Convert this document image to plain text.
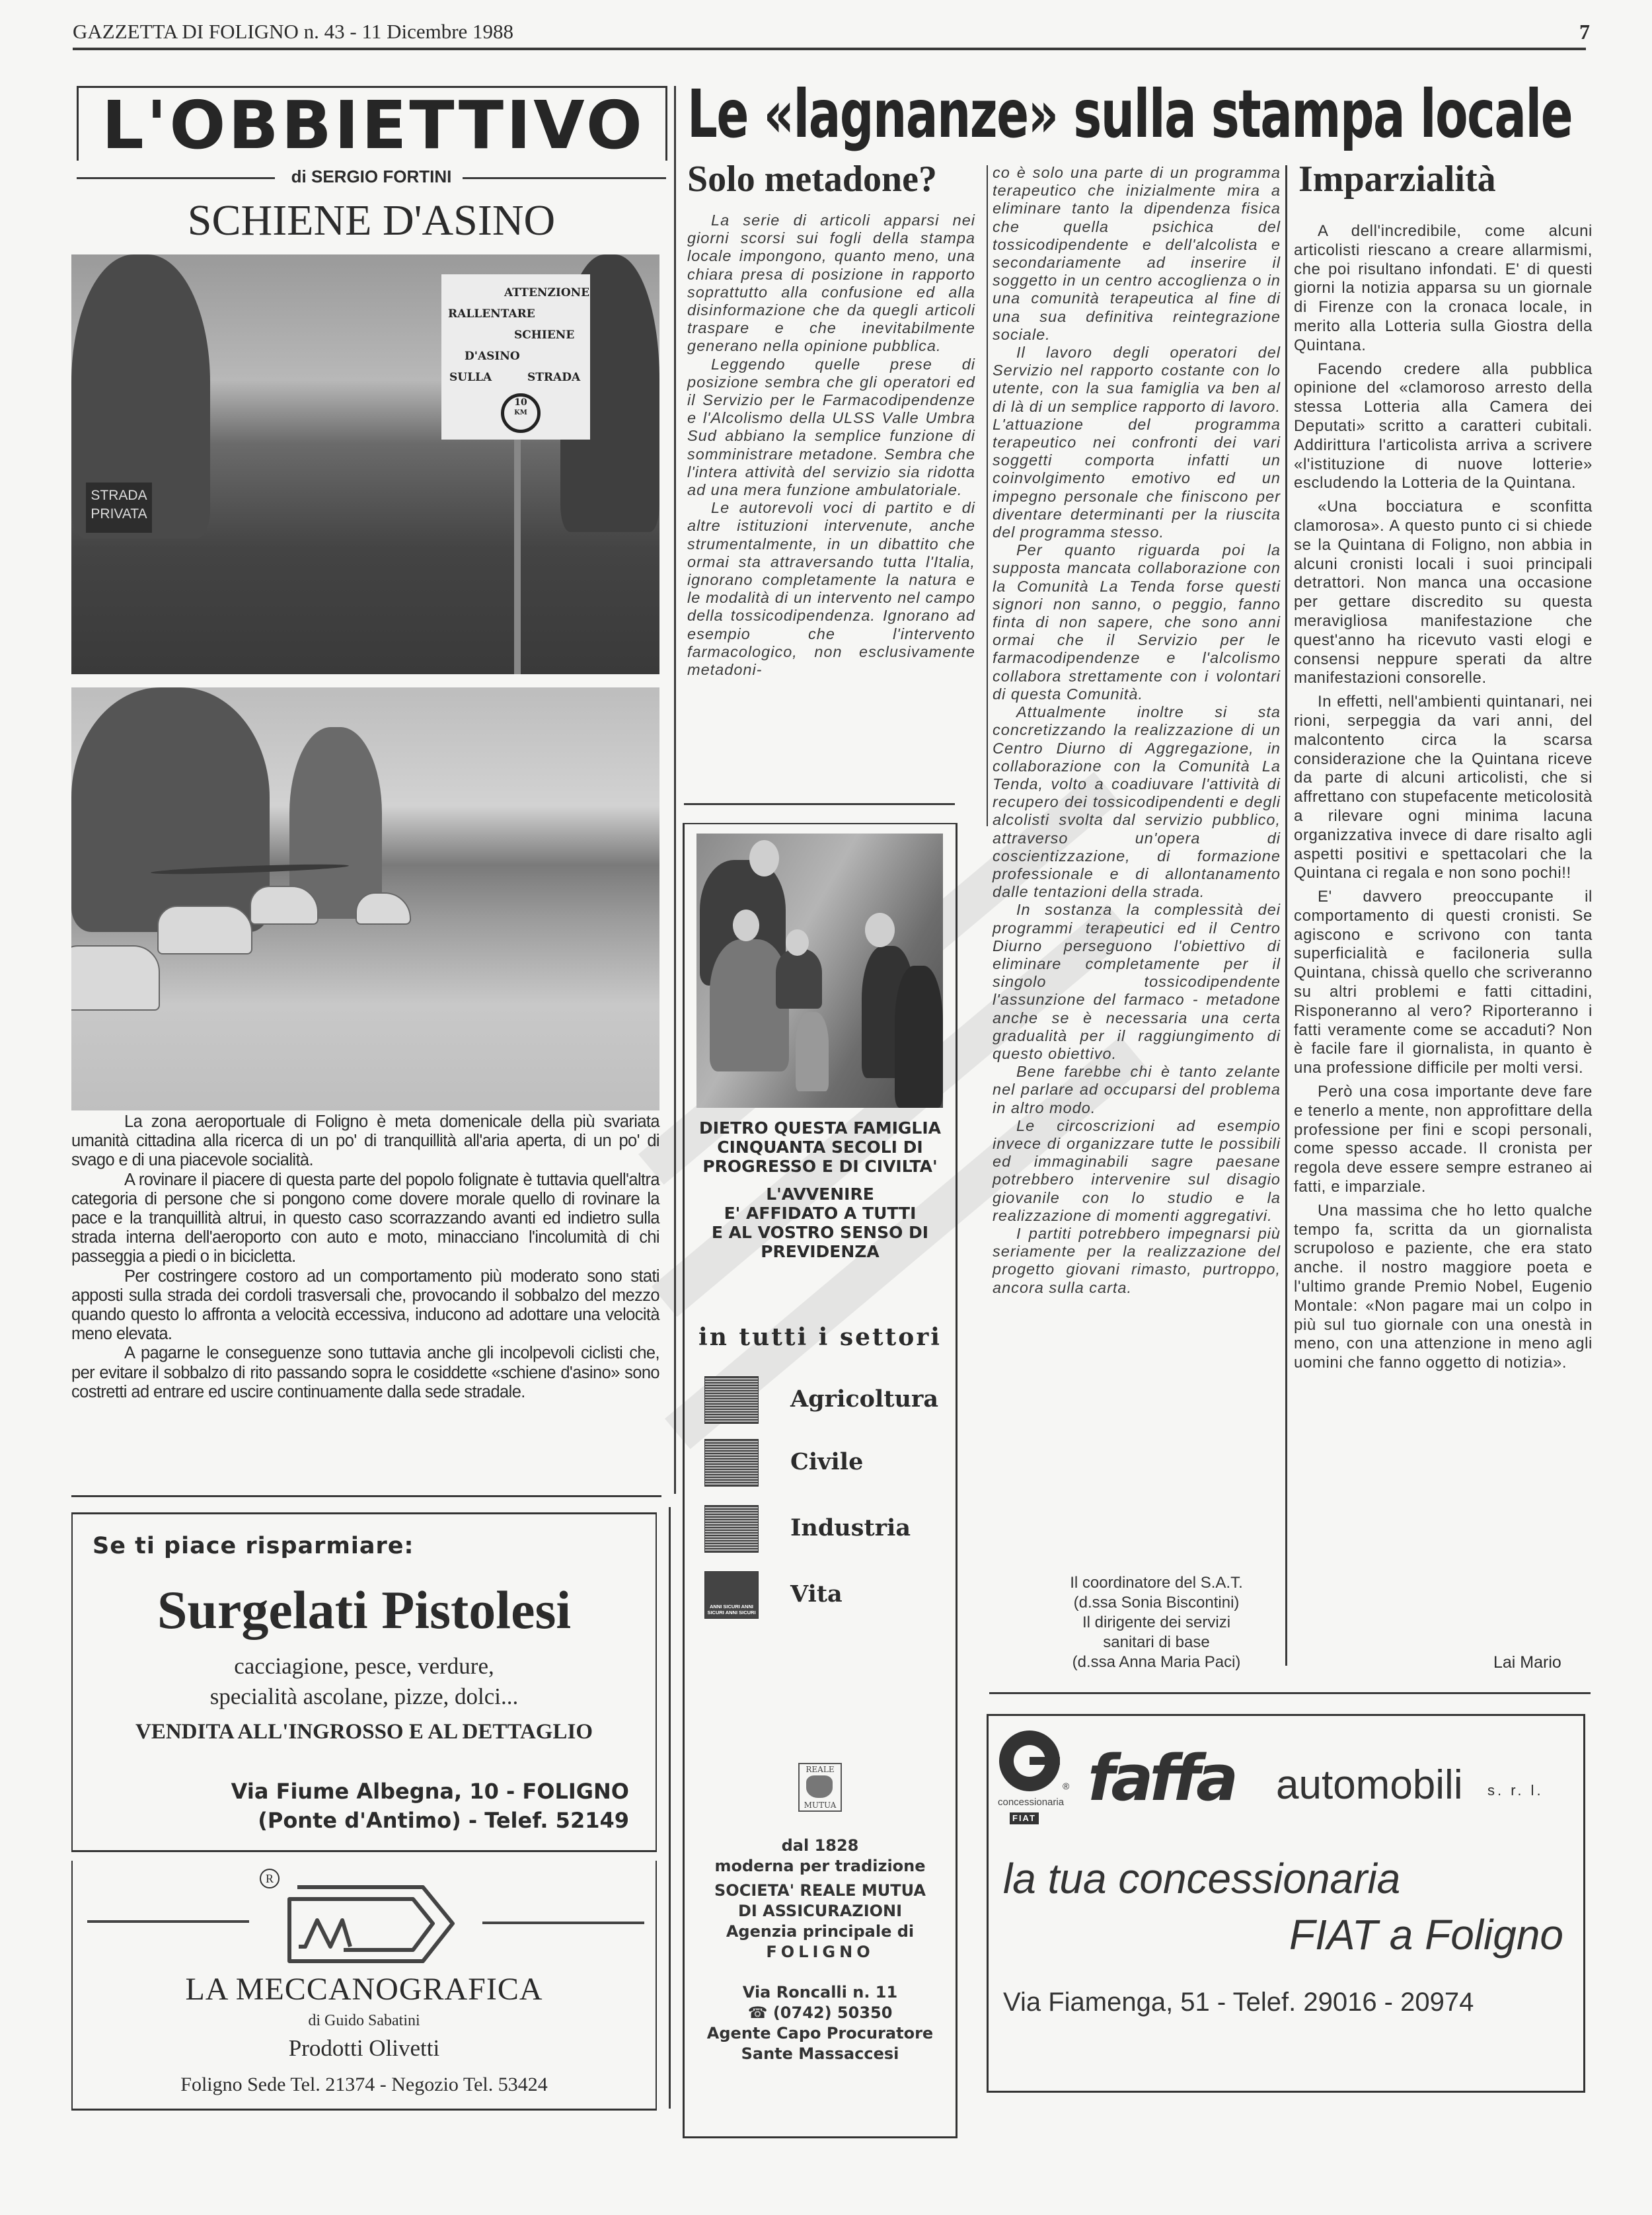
GAZZETTA DI FOLIGNO n. 43 - 11 Dicembre 1988	7
L'OBBIETTIVO
di SERGIO FORTINI
SCHIENE D'ASINO
ATTENZIONE
RALLENTARE
SCHIENE
D'ASINO
SULLA	STRADA
10
KM
STRADA
PRIVATA

La zona aeroportuale di Foligno è meta domenicale della più svariata umanità cittadina alla ricerca di un po' di tranquillità all'aria aperta, di un po' di svago e di una piacevole socialità.

A rovinare il piacere di questa parte del popolo folignate è tuttavia quell'altra categoria di persone che si pongono come dovere morale quello di rovinare la pace e la tranquillità altrui, in questo caso scorrazzando avanti ed indietro sulla strada interna dell'aeroporto con auto e moto, minacciano l'incolumità di chi passeggia a piedi o in bicicletta.

Per costringere costoro ad un comportamento più moderato sono stati apposti sulla strada dei cordoli trasversali che, provocando il sobbalzo del mezzo quando questo lo affronta a velocità eccessiva, inducono ad adottare una velocità meno elevata.

A pagarne le conseguenze sono tuttavia anche gli incolpevoli ciclisti che, per evitare il sobbalzo di rito passando sopra le cosiddette «schiene d'asino» sono costretti ad entrare ed uscire continuamente dalla sede stradale.

Se ti piace risparmiare:
Surgelati Pistolesi
cacciagione, pesce, verdure,
specialità ascolane, pizze, dolci...
VENDITA ALL'INGROSSO E AL DETTAGLIO
Via Fiume Albegna, 10 - FOLIGNO
(Ponte d'Antimo) - Telef. 52149
R
LA MECCANOGRAFICA
di Guido Sabatini
Prodotti Olivetti
Foligno Sede Tel. 21374 - Negozio Tel. 53424
Le «lagnanze» sulla stampa locale
Solo metadone?

La serie di articoli apparsi nei giorni scorsi sui fogli della stampa locale impongono, quanto meno, una chiara presa di posizione in rapporto soprattutto alla confusione ed alla disinformazione che da quegli articoli traspare e che inevitabilmente generano nella opinione pubblica.

Leggendo quelle prese di posizione sembra che gli operatori ed il Servizio per le Farmacodipendenze e l'Alcolismo della ULSS Valle Umbra Sud abbiano la semplice funzione di somministrare metadone. Sembra che l'intera attività del servizio sia ridotta ad una mera funzione ambulatoriale.

Le autorevoli voci di partito e di altre istituzioni intervenute, anche strumentalmente, in un dibattito che ormai sta attraversando tutta l'Italia, ignorano completamente la natura e le modalità di un intervento nel campo della tossicodipendenza. Ignorano ad esempio che l'intervento farmacologico, non esclusivamente metadoni-

co è solo una parte di un programma terapeutico che inizialmente mira a eliminare tanto la dipendenza fisica che quella psichica del tossicodipendente e dell'alcolista e secondariamente ad inserire il soggetto in un centro accoglienza o in una comunità terapeutica al fine di una sua definitiva reintegrazione sociale.

Il lavoro degli operatori del Servizio nel rapporto costante con lo utente, con la sua famiglia va ben al di là di un semplice rapporto di lavoro. L'attuazione del programma terapeutico nei confronti dei vari soggetti comporta infatti un coinvolgimento emotivo ed un impegno personale che finiscono per diventare determinanti per la riuscita del programma stesso.

Per quanto riguarda poi la supposta mancata collaborazione con la Comunità La Tenda forse questi signori non sanno, o peggio, fanno finta di non sapere, che sono anni ormai che il Servizio per le farmacodipendenze e l'alcolismo collabora strettamente con i volontari di questa Comunità.

Attualmente inoltre si sta concretizzando la realizzazione di un Centro Diurno di Aggregazione, in collaborazione con la Comunità La Tenda, volto a coadiuvare l'attività di recupero dei tossicodipendenti e degli alcolisti svolta dal servizio pubblico, attraverso un'opera di coscientizzazione, di formazione professionale e di allontanamento dalle tentazioni della strada.

In sostanza la complessità dei programmi terapeutici ed il Centro Diurno perseguono l'obiettivo di eliminare completamente per il singolo tossicodipendente l'assunzione del farmaco - metadone anche se è necessaria una certa gradualità per il raggiungimento di questo obiettivo.

Bene farebbe chi è tanto zelante nel parlare ad occuparsi del problema in altro modo.

Le circoscrizioni ad esempio invece di organizzare tutte le possibili ed immaginabili sagre paesane potrebbero intervenire sul disagio giovanile con lo studio e la realizzazione di momenti aggregativi.

I partiti potrebbero impegnarsi più seriamente per la realizzazione del progetto giovani rimasto, purtroppo, ancora sulla carta.

Il coordinatore del S.A.T.
(d.ssa Sonia Biscontini)
Il dirigente dei servizi
sanitari di base
(d.ssa Anna Maria Paci)
Imparzialità

A dell'incredibile, come alcuni articolisti riescano a creare allarmismi, che poi risultano infondati. E' di questi giorni la notizia apparsa su un giornale di Firenze con la cronaca locale, in merito alla Lotteria sulla Giostra della Quintana.

Facendo credere alla pubblica opinione del «clamoroso arresto della stessa Lotteria alla Camera dei Deputati» scritto a caratteri cubitali. Addirittura l'articolista arriva a scrivere «l'istituzione di nuove lotterie» escludendo la Lotteria de la Quintana.

«Una bocciatura e sconfitta clamorosa». A questo punto ci si chiede se la Quintana di Foligno, non abbia in alcuni cronisti locali i suoi principali detrattori. Non manca una occasione per gettare discredito su questa meravigliosa manifestazione che quest'anno ha ricevuto vasti elogi e consensi neppure sperati da altre manifestazioni consorelle.

In effetti, nell'ambienti quintanari, nei rioni, serpeggia da vari anni, del malcontento circa la scarsa considerazione che la Quintana riceve da parte di alcuni articolisti, che si affrettano con stupefacente meticolosità a rilevare ogni minima lacuna organizzativa invece di dare risalto agli aspetti positivi e spettacolari che la Quintana ci regala e non sono pochi!!

E' davvero preoccupante il comportamento di questi cronisti. Se agiscono e scrivono con tanta superficialità e faciloneria sulla Quintana, chissà quello che scriveranno su altri problemi e fatti cittadini, Risponeranno al vero? Riporteranno i fatti veramente come se accaduti? Non è facile fare il giornalista, in quanto è una professione difficile per molti versi.

Però una cosa importante deve fare e tenerlo a mente, non approfittare della professione per fini e scopi personali, come spesso accade. Il cronista per regola deve essere sempre estraneo ai fatti, e imparziale.

Una massima che ho letto qualche tempo fa, scritta da un giornalista scrupoloso e paziente, che era stato anche. il nostro maggiore poeta e l'ultimo grande Premio Nobel, Eugenio Montale: «Non pagare mai un colpo in più sul tuo giornale con una onestà in meno, con una attenzione in meno agli uomini che fanno oggetto di notizia».

Lai Mario
DIETRO QUESTA FAMIGLIA
CINQUANTA SECOLI DI
PROGRESSO E DI CIVILTA'
L'AVVENIRE
E' AFFIDATO A TUTTI
E AL VOSTRO SENSO DI
PREVIDENZA
in tutti i settori
Agricoltura
Civile
Industria
ANNI SICURI ANNI SICURI ANNI SICURI
Vita
REALE
MUTUA
dal 1828
moderna per tradizione
SOCIETA' REALE MUTUA
DI ASSICURAZIONI
Agenzia principale di
FOLIGNO
Via Roncalli n. 11
☎ (0742) 50350
Agente Capo Procuratore
Sante Massaccesi
®
concessionaria
FIAT
faffa	automobili s. r. l.
la tua concessionaria
FIAT a Foligno
Via Fiamenga, 51 - Telef. 29016 - 20974
